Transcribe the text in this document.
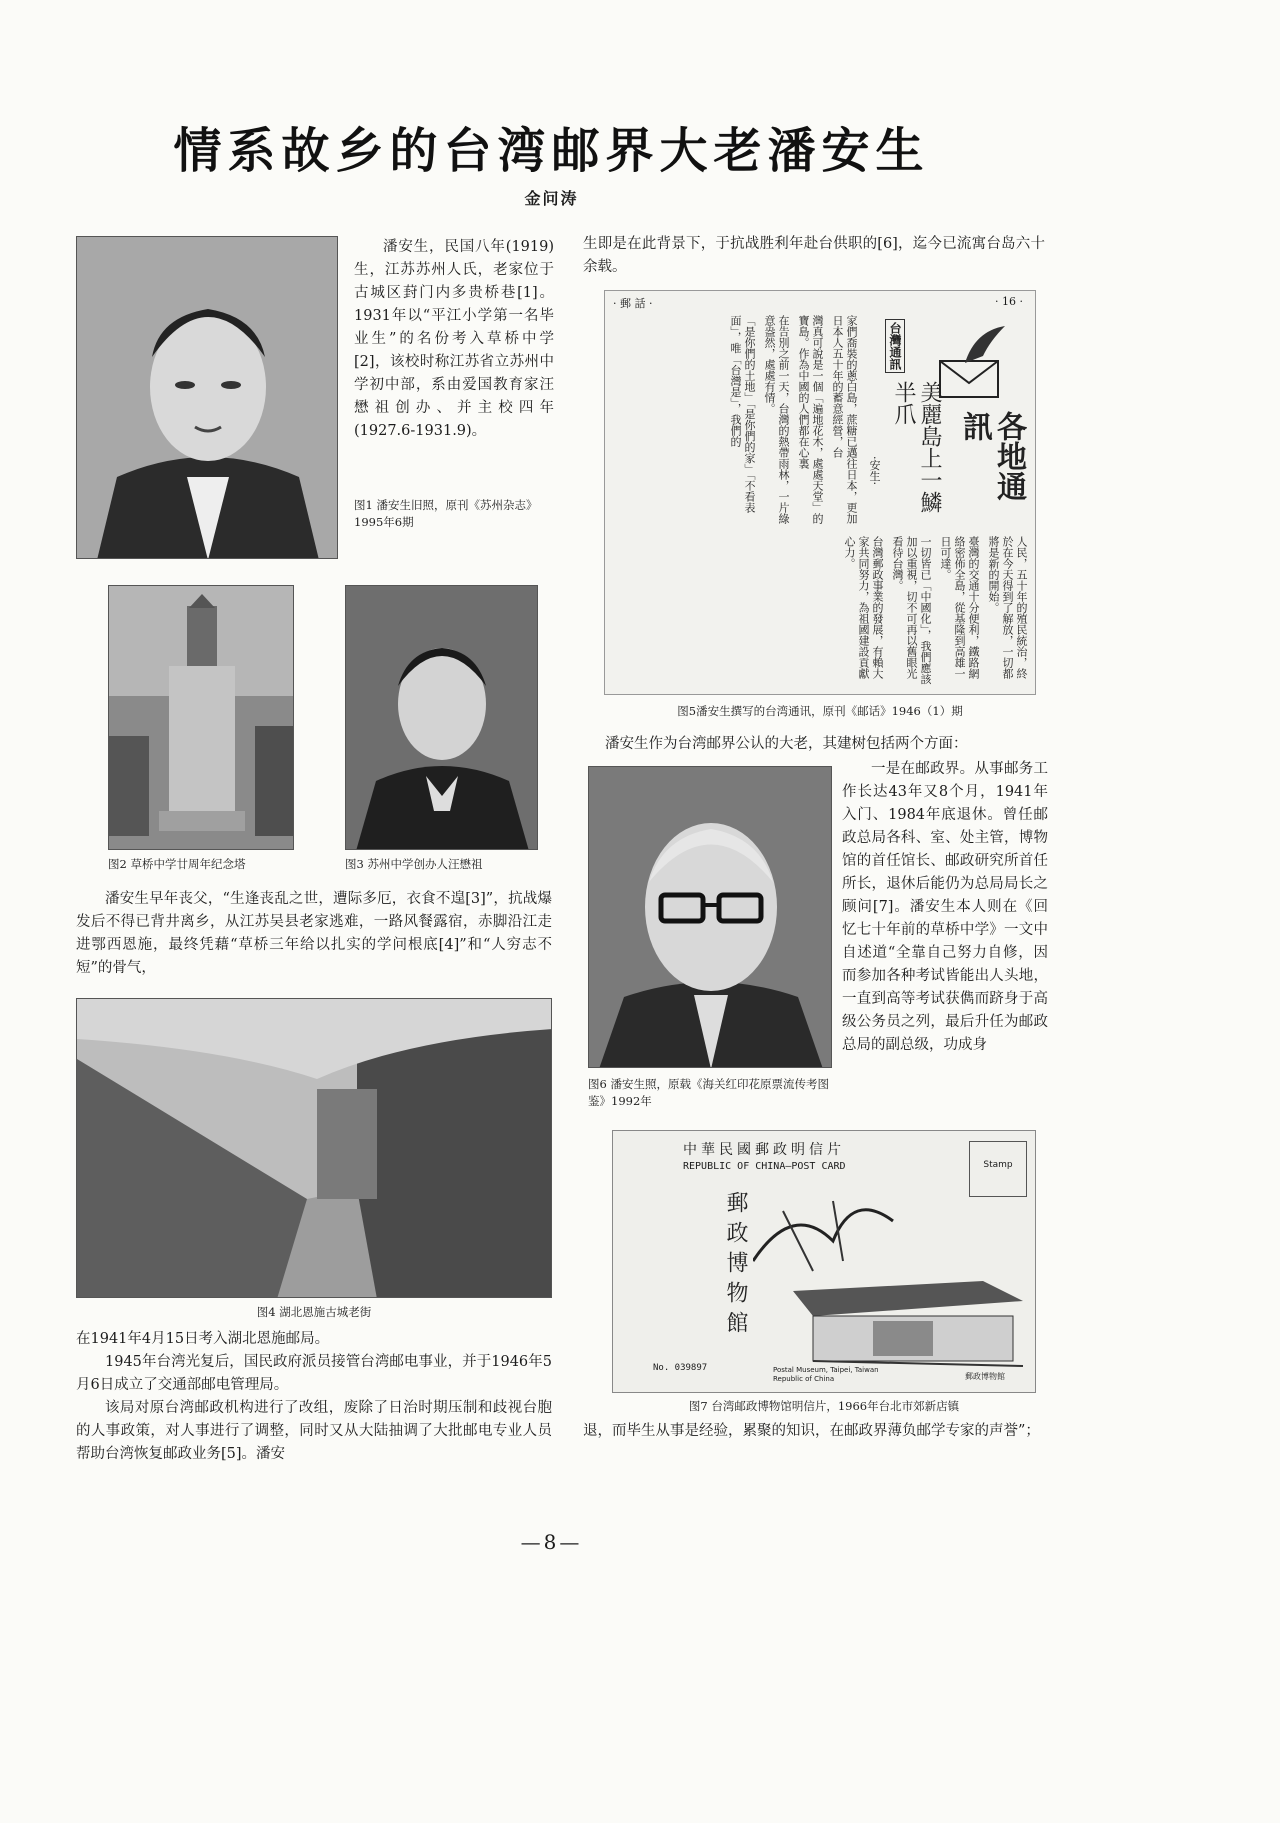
情系故乡的台湾邮界大老潘安生
金问涛

潘安生，民国八年(1919)生，江苏苏州人氏，老家位于古城区葑门内多贵桥巷[1]。1931年以“平江小学第一名毕业生”的名份考入草桥中学[2]，该校时称江苏省立苏州中学初中部，系由爱国教育家汪懋祖创办、并主校四年(1927.6-1931.9)。

图1 潘安生旧照，原刊《苏州杂志》1995年6期
图2 草桥中学廿周年纪念塔	图3 苏州中学创办人汪懋祖

潘安生早年丧父，“生逢丧乱之世，遭际多厄，衣食不遑[3]”，抗战爆发后不得已背井离乡，从江苏吴县老家逃难，一路风餐露宿，赤脚沿江走进鄂西恩施，最终凭藉“草桥三年给以扎实的学问根底[4]”和“人穷志不短”的骨气，

图4 湖北恩施古城老街

在1941年4月15日考入湖北恩施邮局。

1945年台湾光复后，国民政府派员接管台湾邮电事业，并于1946年5月6日成立了交通部邮电管理局。

该局对原台湾邮政机构进行了改组，废除了日治时期压制和歧视台胞的人事政策，对人事进行了调整，同时又从大陆抽调了大批邮电专业人员帮助台湾恢复邮政业务[5]。潘安

生即是在此背景下，于抗战胜利年赴台供职的[6]，迄今已流寓台岛六十余载。

· 郵 話 ·	· 16 ·
台灣通訊
各地通訊
美麗島上一鱗半爪
·安生·
家們喬裝的蔥白島，蔗糖已邁往日本，更加日本人五十年的蓄意經營，台
灣真可說是一個「遍地花木，處處天堂」的寶島。作為中國的人們都在心裏
在告別之前一天，台灣的熱帶雨林，一片綠意盎然，處處有情。
「是你們的土地」「是你們的家」「不看表面」，唯「台灣是」，我們的
人民，五十年的殖民統治，終於在今天得到了解放，一切都將是新的開始。
臺灣的交通十分便利，鐵路網絡密佈全島，從基隆到高雄一日可達。
一切皆已「中國化」，我們應該加以重視，切不可再以舊眼光看待台灣。
台灣郵政事業的發展，有賴大家共同努力，為祖國建設貢獻心力。
图5潘安生撰写的台湾通讯，原刊《邮话》1946（1）期

潘安生作为台湾邮界公认的大老，其建树包括两个方面：

图6 潘安生照，原载《海关红印花原票流传考图鉴》1992年

一是在邮政界。从事邮务工作长达43年又8个月，1941年入门、1984年底退休。曾任邮政总局各科、室、处主管，博物馆的首任馆长、邮政研究所首任所长，退休后能仍为总局局长之顾问[7]。潘安生本人则在《回忆七十年前的草桥中学》一文中自述道“全靠自己努力自修，因而参加各种考试皆能出人头地，一直到高等考试获儁而跻身于高级公务员之列，最后升任为邮政总局的副总级，功成身

中華民國郵政明信片
REPUBLIC OF CHINA—POST CARD	Stamp
郵政博物館
No. 039897	Postal Museum, Taipei, Taiwan Republic of China	郵政博物館
图7 台湾邮政博物馆明信片，1966年台北市郊新店镇

退，而毕生从事是经验，累聚的知识，在邮政界薄负邮学专家的声誉”；

—8—
